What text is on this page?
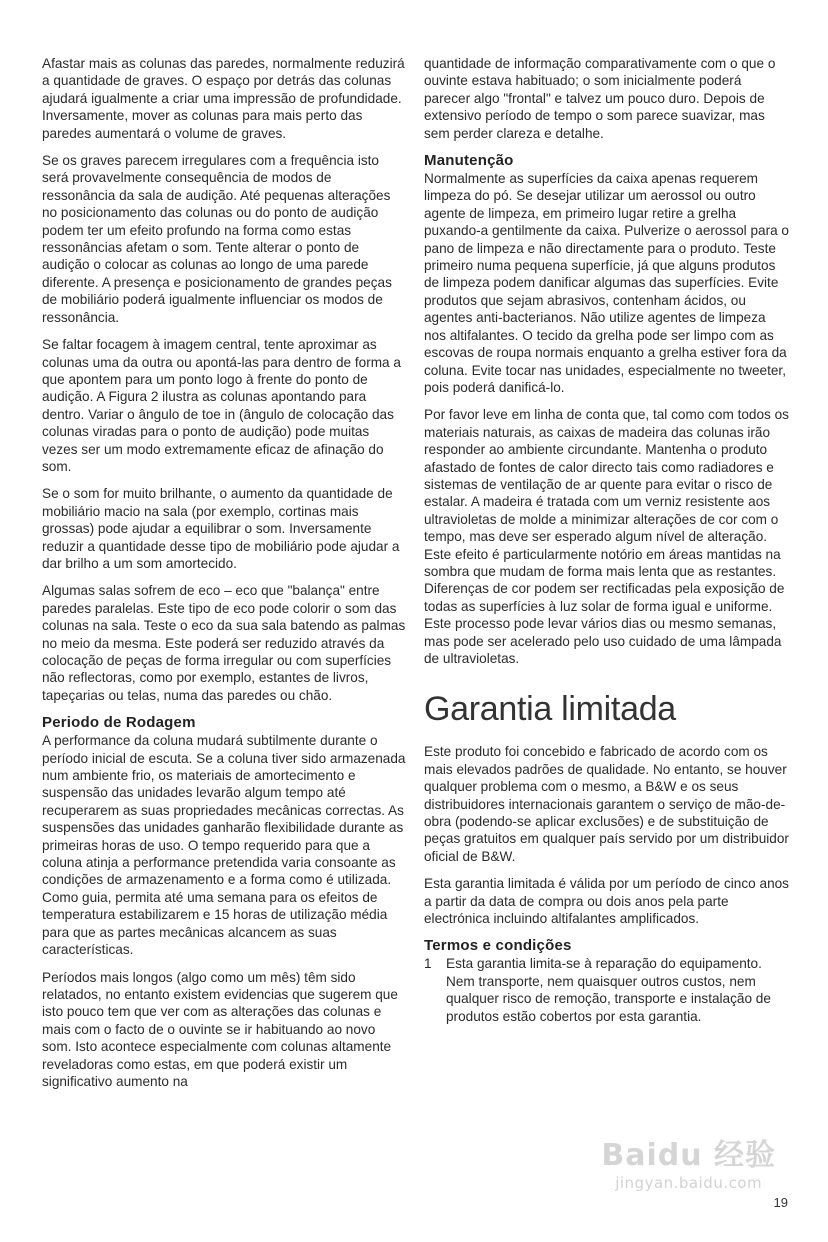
Afastar mais as colunas das paredes, normalmente reduzirá a quantidade de graves. O espaço por detrás das colunas ajudará igualmente a criar uma impressão de profundidade. Inversamente, mover as colunas para mais perto das paredes aumentará o volume de graves.

Se os graves parecem irregulares com a frequência isto será provavelmente consequência de modos de ressonância da sala de audição. Até pequenas alterações no posicionamento das colunas ou do ponto de audição podem ter um efeito profundo na forma como estas ressonâncias afetam o som. Tente alterar o ponto de audição o colocar as colunas ao longo de uma parede diferente. A presença e posicionamento de grandes peças de mobiliário poderá igualmente influenciar os modos de ressonância.

Se faltar focagem à imagem central, tente aproximar as colunas uma da outra ou apontá-las para dentro de forma a que apontem para um ponto logo à frente do ponto de audição. A Figura 2 ilustra as colunas apontando para dentro. Variar o ângulo de toe in (ângulo de colocação das colunas viradas para o ponto de audição) pode muitas vezes ser um modo extremamente eficaz de afinação do som.

Se o som for muito brilhante, o aumento da quantidade de mobiliário macio na sala (por exemplo, cortinas mais grossas) pode ajudar a equilibrar o som. Inversamente reduzir a quantidade desse tipo de mobiliário pode ajudar a dar brilho a um som amortecido.

Algumas salas sofrem de eco – eco que "balança" entre paredes paralelas. Este tipo de eco pode colorir o som das colunas na sala. Teste o eco da sua sala batendo as palmas no meio da mesma. Este poderá ser reduzido através da colocação de peças de forma irregular ou com superfícies não reflectoras, como por exemplo, estantes de livros, tapeçarias ou telas, numa das paredes ou chão.

Periodo de Rodagem

A performance da coluna mudará subtilmente durante o período inicial de escuta. Se a coluna tiver sido armazenada num ambiente frio, os materiais de amortecimento e suspensão das unidades levarão algum tempo até recuperarem as suas propriedades mecânicas correctas. As suspensões das unidades ganharão flexibilidade durante as primeiras horas de uso. O tempo requerido para que a coluna atinja a performance pretendida varia consoante as condições de armazenamento e a forma como é utilizada. Como guia, permita até uma semana para os efeitos de temperatura estabilizarem e 15 horas de utilização média para que as partes mecânicas alcancem as suas características.

Períodos mais longos (algo como um mês) têm sido relatados, no entanto existem evidencias que sugerem que isto pouco tem que ver com as alterações das colunas e mais com o facto de o ouvinte se ir habituando ao novo som. Isto acontece especialmente com colunas altamente reveladoras como estas, em que poderá existir um significativo aumento na

quantidade de informação comparativamente com o que o ouvinte estava habituado; o som inicialmente poderá parecer algo "frontal" e talvez um pouco duro. Depois de extensivo período de tempo o som parece suavizar, mas sem perder clareza e detalhe.

Manutenção

Normalmente as superfícies da caixa apenas requerem limpeza do pó. Se desejar utilizar um aerossol ou outro agente de limpeza, em primeiro lugar retire a grelha puxando-a gentilmente da caixa. Pulverize o aerossol para o pano de limpeza e não directamente para o produto. Teste primeiro numa pequena superfície, já que alguns produtos de limpeza podem danificar algumas das superfícies. Evite produtos que sejam abrasivos, contenham ácidos, ou agentes anti-bacterianos. Não utilize agentes de limpeza nos altifalantes. O tecido da grelha pode ser limpo com as escovas de roupa normais enquanto a grelha estiver fora da coluna. Evite tocar nas unidades, especialmente no tweeter, pois poderá danificá-lo.

Por favor leve em linha de conta que, tal como com todos os materiais naturais, as caixas de madeira das colunas irão responder ao ambiente circundante. Mantenha o produto afastado de fontes de calor directo tais como radiadores e sistemas de ventilação de ar quente para evitar o risco de estalar. A madeira é tratada com um verniz resistente aos ultravioletas de molde a minimizar alterações de cor com o tempo, mas deve ser esperado algum nível de alteração. Este efeito é particularmente notório em áreas mantidas na sombra que mudam de forma mais lenta que as restantes. Diferenças de cor podem ser rectificadas pela exposição de todas as superfícies à luz solar de forma igual e uniforme. Este processo pode levar vários dias ou mesmo semanas, mas pode ser acelerado pelo uso cuidado de uma lâmpada de ultravioletas.

Garantia limitada

Este produto foi concebido e fabricado de acordo com os mais elevados padrões de qualidade. No entanto, se houver qualquer problema com o mesmo, a B&W e os seus distribuidores internacionais garantem o serviço de mão-de-obra (podendo-se aplicar exclusões) e de substituição de peças gratuitos em qualquer país servido por um distribuidor oficial de B&W.

Esta garantia limitada é válida por um período de cinco anos a partir da data de compra ou dois anos pela parte electrónica incluindo altifalantes amplificados.

Termos e condições
1	Esta garantia limita-se à reparação do equipamento. Nem transporte, nem quaisquer outros custos, nem qualquer risco de remoção, transporte e instalação de produtos estão cobertos por esta garantia.
Baidu 经验
jingyan.baidu.com
19
